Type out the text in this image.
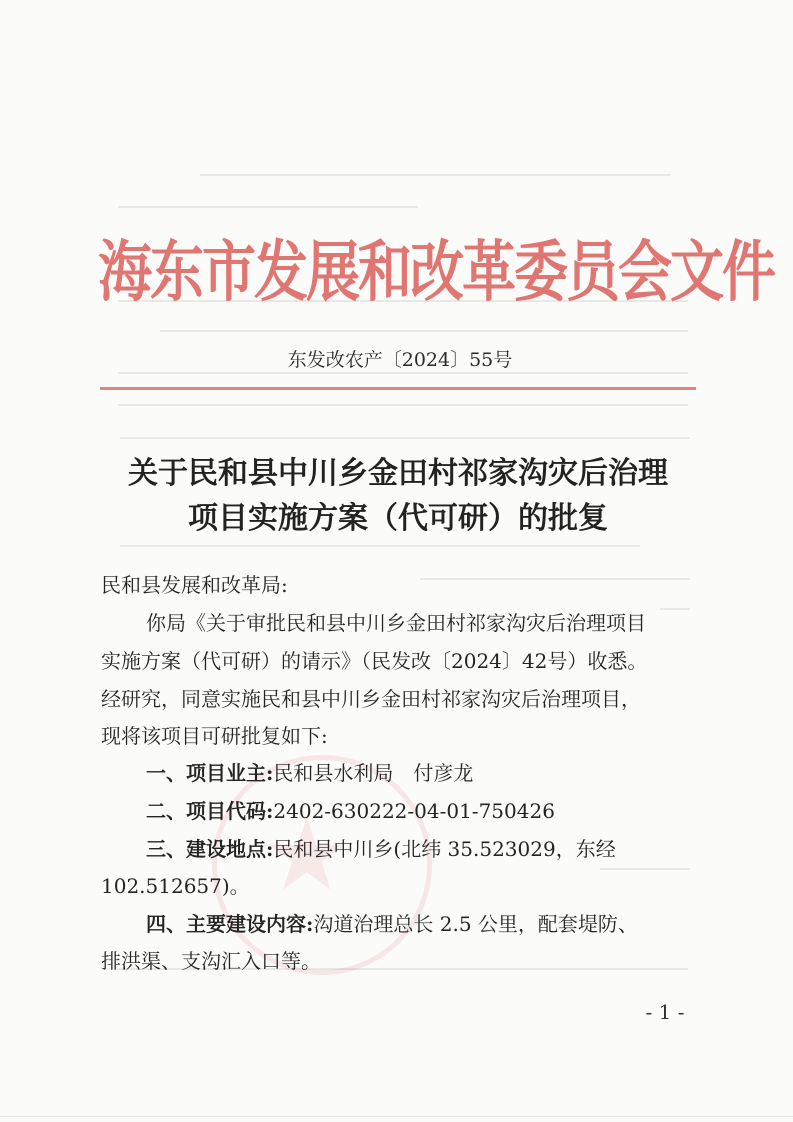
★
海东市发展和改革委员会文件
东发改农产〔2024〕55号
关于民和县中川乡金田村祁家沟灾后治理
项目实施方案（代可研）的批复
民和县发展和改革局:
你局《关于审批民和县中川乡金田村祁家沟灾后治理项目
实施方案（代可研）的请示》（民发改〔2024〕42号）收悉。
经研究，同意实施民和县中川乡金田村祁家沟灾后治理项目，
现将该项目可研批复如下:
一、项目业主:民和县水利局　付彦龙
二、项目代码:2402-630222-04-01-750426
三、建设地点:民和县中川乡(北纬 35.523029，东经
102.512657)。
四、主要建设内容:沟道治理总长 2.5 公里，配套堤防、
排洪渠、支沟汇入口等。
- 1 -
